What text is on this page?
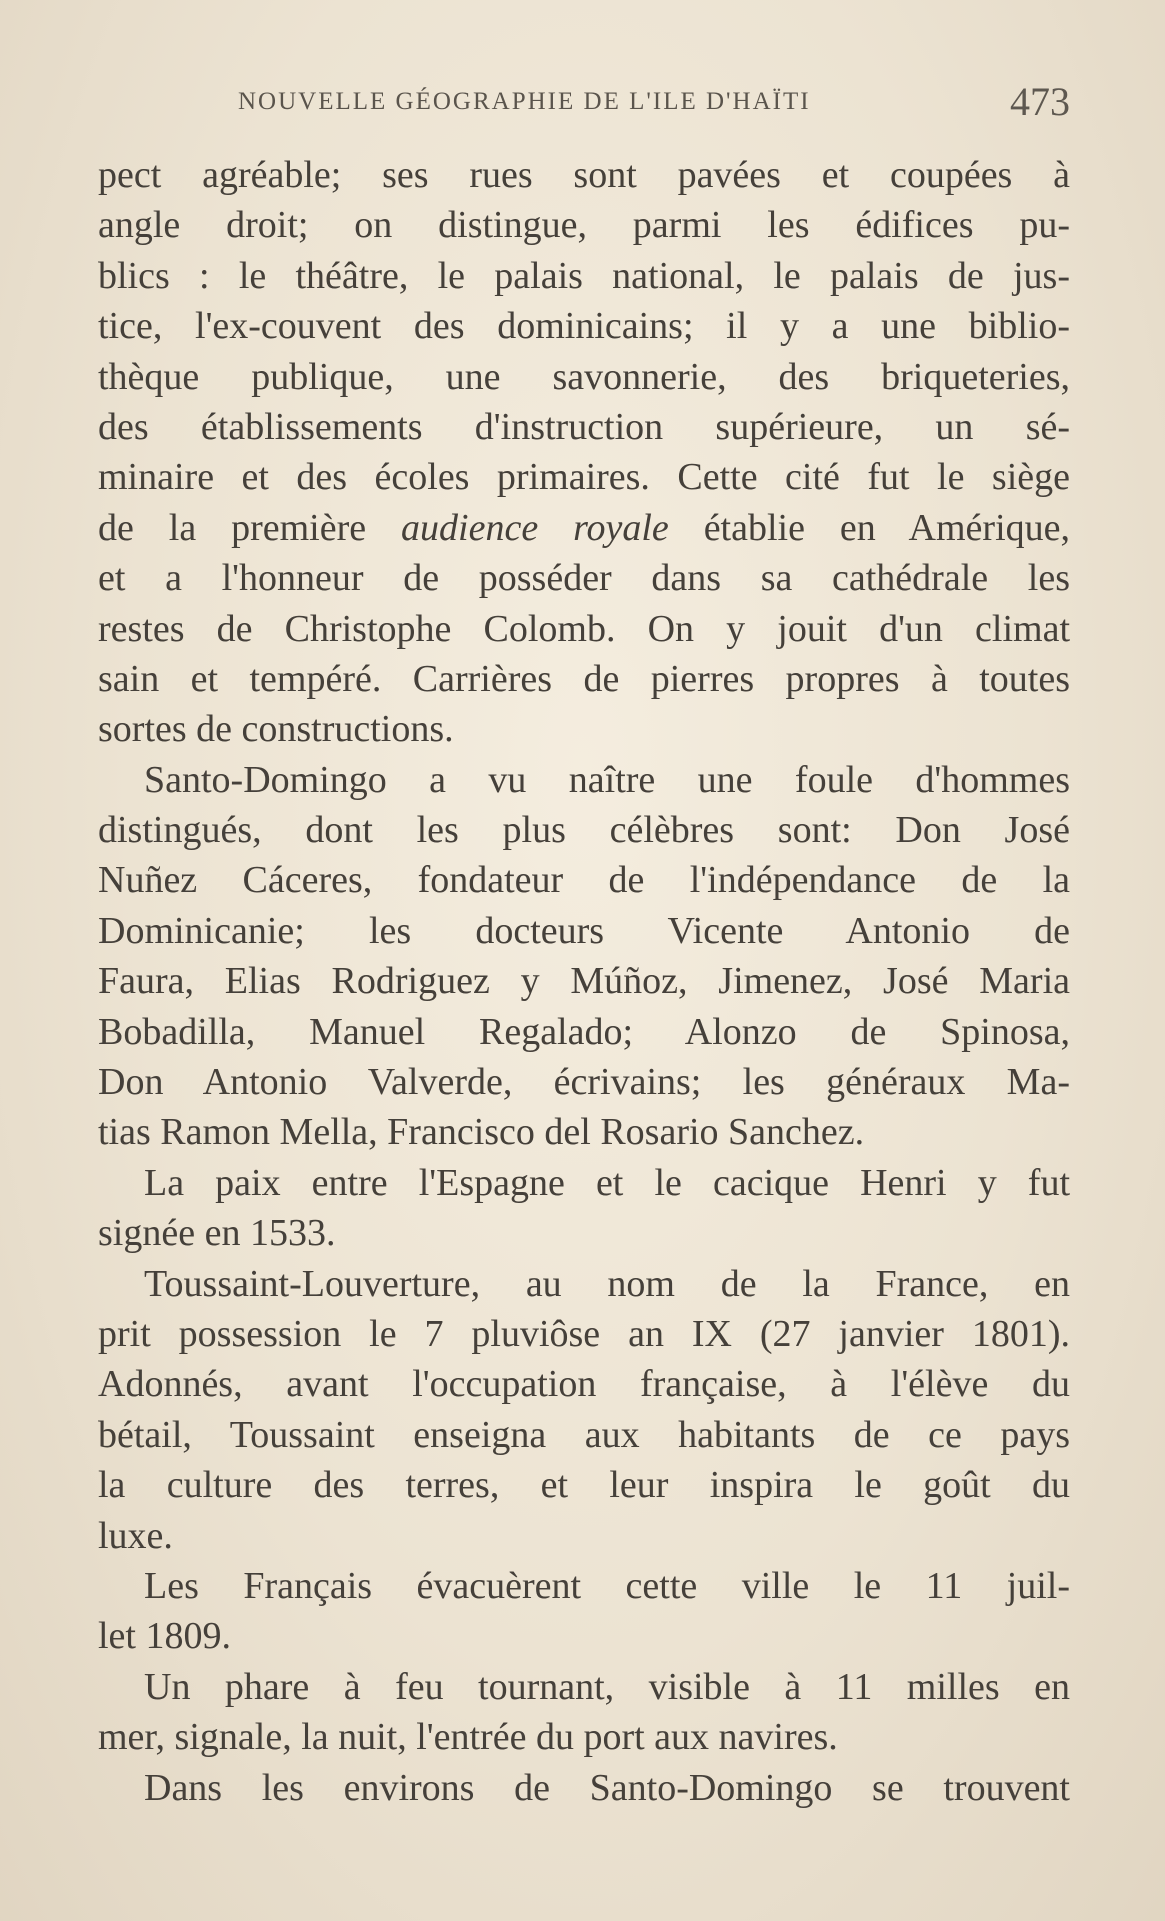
NOUVELLE GÉOGRAPHIE DE L'ILE D'HAÏTI	473
pect agréable; ses rues sont pavées et coupées à
angle droit; on distingue, parmi les édifices pu-
blics : le théâtre, le palais national, le palais de jus-
tice, l'ex-couvent des dominicains; il y a une biblio-
thèque publique, une savonnerie, des briqueteries,
des établissements d'instruction supérieure, un sé-
minaire et des écoles primaires. Cette cité fut le siège
de la première audience royale établie en Amérique,
et a l'honneur de posséder dans sa cathédrale les
restes de Christophe Colomb. On y jouit d'un climat
sain et tempéré. Carrières de pierres propres à toutes
sortes de constructions.
Santo-Domingo a vu naître une foule d'hommes
distingués, dont les plus célèbres sont: Don José
Nuñez Cáceres, fondateur de l'indépendance de la
Dominicanie; les docteurs Vicente Antonio de
Faura, Elias Rodriguez y Múñoz, Jimenez, José Maria
Bobadilla, Manuel Regalado; Alonzo de Spinosa,
Don Antonio Valverde, écrivains; les généraux Ma-
tias Ramon Mella, Francisco del Rosario Sanchez.
La paix entre l'Espagne et le cacique Henri y fut
signée en 1533.
Toussaint-Louverture, au nom de la France, en
prit possession le 7 pluviôse an IX (27 janvier 1801).
Adonnés, avant l'occupation française, à l'élève du
bétail, Toussaint enseigna aux habitants de ce pays
la culture des terres, et leur inspira le goût du
luxe.
Les Français évacuèrent cette ville le 11 juil-
let 1809.
Un phare à feu tournant, visible à 11 milles en
mer, signale, la nuit, l'entrée du port aux navires.
Dans les environs de Santo-Domingo se trouvent
